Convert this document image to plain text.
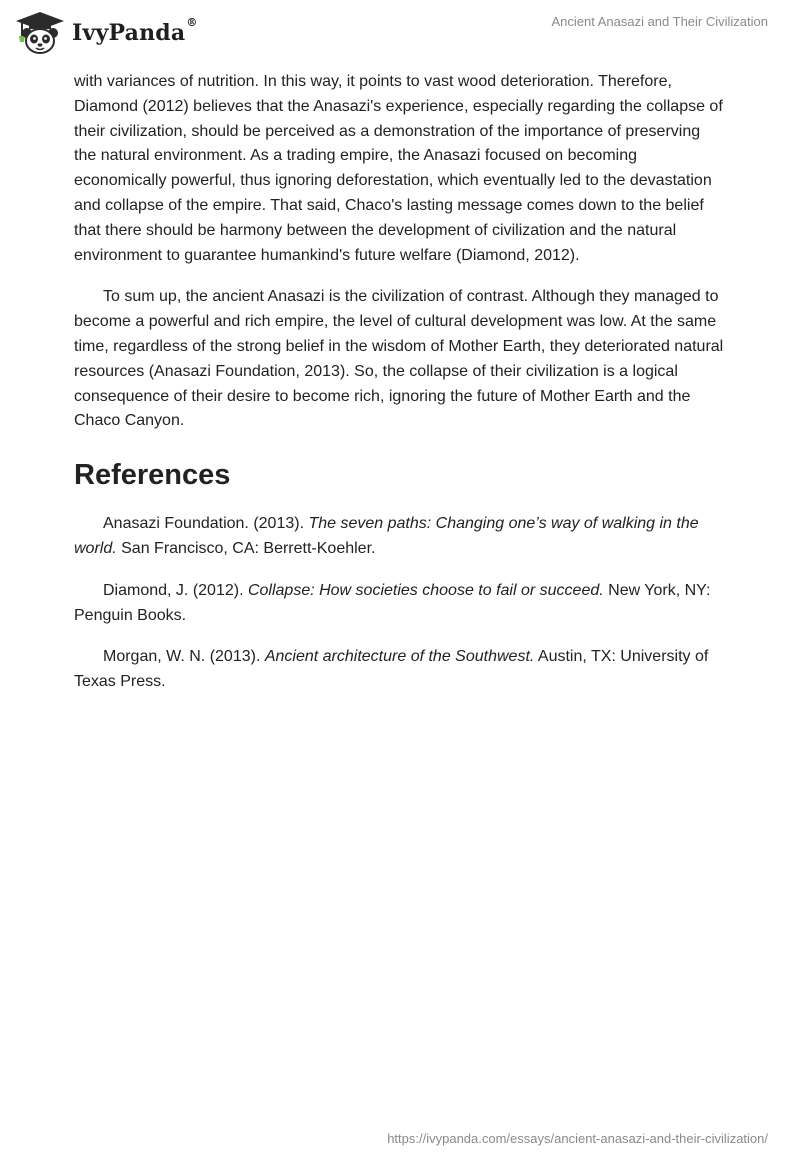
IvyPanda®	Ancient Anasazi and Their Civilization

with variances of nutrition. In this way, it points to vast wood deterioration. Therefore, Diamond (2012) believes that the Anasazi's experience, especially regarding the collapse of their civilization, should be perceived as a demonstration of the importance of preserving the natural environment. As a trading empire, the Anasazi focused on becoming economically powerful, thus ignoring deforestation, which eventually led to the devastation and collapse of the empire. That said, Chaco's lasting message comes down to the belief that there should be harmony between the development of civilization and the natural environment to guarantee humankind's future welfare (Diamond, 2012).

To sum up, the ancient Anasazi is the civilization of contrast. Although they managed to become a powerful and rich empire, the level of cultural development was low. At the same time, regardless of the strong belief in the wisdom of Mother Earth, they deteriorated natural resources (Anasazi Foundation, 2013). So, the collapse of their civilization is a logical consequence of their desire to become rich, ignoring the future of Mother Earth and the Chaco Canyon.

References

Anasazi Foundation. (2013). The seven paths: Changing one’s way of walking in the world. San Francisco, CA: Berrett-Koehler.

Diamond, J. (2012). Collapse: How societies choose to fail or succeed. New York, NY: Penguin Books.

Morgan, W. N. (2013). Ancient architecture of the Southwest. Austin, TX: University of Texas Press.

https://ivypanda.com/essays/ancient-anasazi-and-their-civilization/
